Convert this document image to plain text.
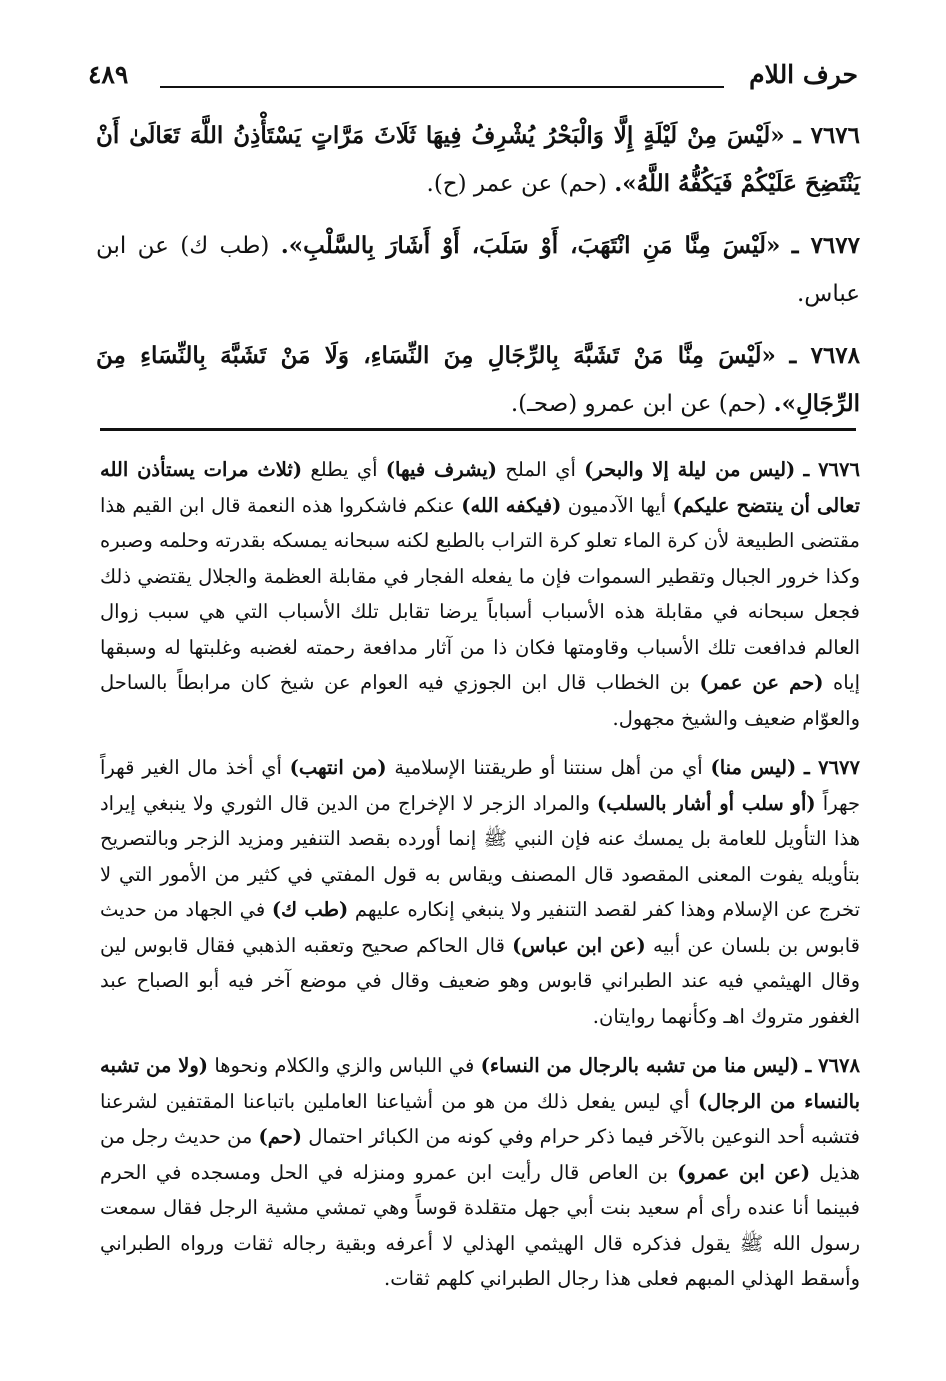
حرف اللام
٤٨٩

٧٦٧٦ ـ «لَيْسَ مِنْ لَيْلَةٍ إِلَّا وَالْبَحْرُ يُشْرِفُ فِيهَا ثَلَاثَ مَرَّاتٍ يَسْتَأْذِنُ اللَّهَ تَعَالَىٰ أَنْ يَنْتَضِحَ عَلَيْكُمْ فَيَكُفُّهُ اللَّهُ». (حم) عن عمر (ح).

٧٦٧٧ ـ «لَيْسَ مِنَّا مَنِ انْتَهَبَ، أَوْ سَلَبَ، أَوْ أَشَارَ بِالسَّلْبِ». (طب ك) عن ابن عباس.

٧٦٧٨ ـ «لَيْسَ مِنَّا مَنْ تَشَبَّهَ بِالرِّجَالِ مِنَ النِّسَاءِ، وَلَا مَنْ تَشَبَّهَ بِالنِّسَاءِ مِنَ الرِّجَالِ». (حم) عن ابن عمرو (صحـ).

٧٦٧٦ ـ (ليس من ليلة إلا والبحر) أي الملح (يشرف فيها) أي يطلع (ثلاث مرات يستأذن الله تعالى أن ينتضح عليكم) أيها الآدميون (فيكفه الله) عنكم فاشكروا هذه النعمة قال ابن القيم هذا مقتضى الطبيعة لأن كرة الماء تعلو كرة التراب بالطبع لكنه سبحانه يمسكه بقدرته وحلمه وصبره وكذا خرور الجبال وتقطير السموات فإن ما يفعله الفجار في مقابلة العظمة والجلال يقتضي ذلك فجعل سبحانه في مقابلة هذه الأسباب أسباباً يرضا تقابل تلك الأسباب التي هي سبب زوال العالم فدافعت تلك الأسباب وقاومتها فكان ذا من آثار مدافعة رحمته لغضبه وغلبتها له وسبقها إياه (حم عن عمر) بن الخطاب قال ابن الجوزي فيه العوام عن شيخ كان مرابطاً بالساحل والعوّام ضعيف والشيخ مجهول.

٧٦٧٧ ـ (ليس منا) أي من أهل سنتنا أو طريقتنا الإسلامية (من انتهب) أي أخذ مال الغير قهراً جهراً (أو سلب أو أشار بالسلب) والمراد الزجر لا الإخراج من الدين قال الثوري ولا ينبغي إيراد هذا التأويل للعامة بل يمسك عنه فإن النبي ﷺ إنما أورده بقصد التنفير ومزيد الزجر وبالتصريح بتأويله يفوت المعنى المقصود قال المصنف ويقاس به قول المفتي في كثير من الأمور التي لا تخرج عن الإسلام وهذا كفر لقصد التنفير ولا ينبغي إنكاره عليهم (طب ك) في الجهاد من حديث قابوس بن بلسان عن أبيه (عن ابن عباس) قال الحاكم صحيح وتعقبه الذهبي فقال قابوس لين وقال الهيثمي فيه عند الطبراني قابوس وهو ضعيف وقال في موضع آخر فيه أبو الصباح عبد الغفور متروك اهـ وكأنهما روايتان.

٧٦٧٨ ـ (ليس منا من تشبه بالرجال من النساء) في اللباس والزي والكلام ونحوها (ولا من تشبه بالنساء من الرجال) أي ليس يفعل ذلك من هو من أشياعنا العاملين باتباعنا المقتفين لشرعنا فتشبه أحد النوعين بالآخر فيما ذكر حرام وفي كونه من الكبائر احتمال (حم) من حديث رجل من هذيل (عن ابن عمرو) بن العاص قال رأيت ابن عمرو ومنزله في الحل ومسجده في الحرم فبينما أنا عنده رأى أم سعيد بنت أبي جهل متقلدة قوساً وهي تمشي مشية الرجل فقال سمعت رسول الله ﷺ يقول فذكره قال الهيثمي الهذلي لا أعرفه وبقية رجاله ثقات ورواه الطبراني وأسقط الهذلي المبهم فعلى هذا رجال الطبراني كلهم ثقات.
